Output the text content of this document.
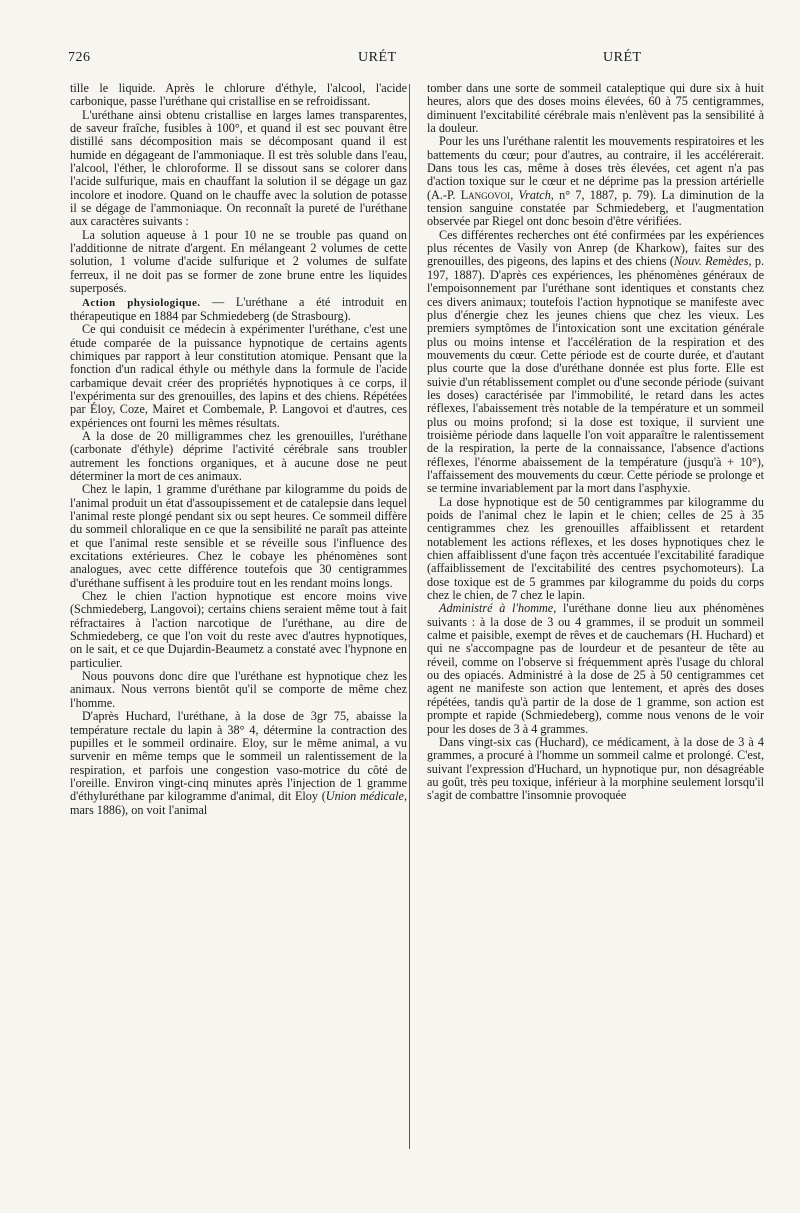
726	URÉT	URÉT

tille le liquide. Après le chlorure d'éthyle, l'alcool, l'acide carbonique, passe l'uréthane qui cristallise en se refroidissant.

L'uréthane ainsi obtenu cristallise en larges lames transparentes, de saveur fraîche, fusibles à 100°, et quand il est sec pouvant être distillé sans décomposition mais se décomposant quand il est humide en dégageant de l'ammoniaque. Il est très soluble dans l'eau, l'alcool, l'éther, le chloroforme. Il se dissout sans se colorer dans l'acide sulfurique, mais en chauffant la solution il se dégage un gaz incolore et inodore. Quand on le chauffe avec la solution de potasse il se dégage de l'ammoniaque. On reconnaît la pureté de l'uréthane aux caractères suivants :

La solution aqueuse à 1 pour 10 ne se trouble pas quand on l'additionne de nitrate d'argent. En mélangeant 2 volumes de cette solution, 1 volume d'acide sulfurique et 2 volumes de sulfate ferreux, il ne doit pas se former de zone brune entre les liquides superposés.

Action physiologique. — L'uréthane a été introduit en thérapeutique en 1884 par Schmiedeberg (de Strasbourg).

Ce qui conduisit ce médecin à expérimenter l'uréthane, c'est une étude comparée de la puissance hypnotique de certains agents chimiques par rapport à leur constitution atomique. Pensant que la fonction d'un radical éthyle ou méthyle dans la formule de l'acide carbamique devait créer des propriétés hypnotiques à ce corps, il l'expérimenta sur des grenouilles, des lapins et des chiens. Répétées par Éloy, Coze, Mairet et Combemale, P. Langovoi et d'autres, ces expériences ont fourni les mêmes résultats.

A la dose de 20 milligrammes chez les grenouilles, l'uréthane (carbonate d'éthyle) déprime l'activité cérébrale sans troubler autrement les fonctions organiques, et à aucune dose ne peut déterminer la mort de ces animaux.

Chez le lapin, 1 gramme d'uréthane par kilogramme du poids de l'animal produit un état d'assoupissement et de catalepsie dans lequel l'animal reste plongé pendant six ou sept heures. Ce sommeil diffère du sommeil chloralique en ce que la sensibilité ne paraît pas atteinte et que l'animal reste sensible et se réveille sous l'influence des excitations extérieures. Chez le cobaye les phénomènes sont analogues, avec cette différence toutefois que 30 centigrammes d'uréthane suffisent à les produire tout en les rendant moins longs.

Chez le chien l'action hypnotique est encore moins vive (Schmiedeberg, Langovoi); certains chiens seraient même tout à fait réfractaires à l'action narcotique de l'uréthane, au dire de Schmiedeberg, ce que l'on voit du reste avec d'autres hypnotiques, on le sait, et ce que Dujardin-Beaumetz a constaté avec l'hypnone en particulier.

Nous pouvons donc dire que l'uréthane est hypnotique chez les animaux. Nous verrons bientôt qu'il se comporte de même chez l'homme.

D'après Huchard, l'uréthane, à la dose de 3gr 75, abaisse la température rectale du lapin à 38° 4, détermine la contraction des pupilles et le sommeil ordinaire. Eloy, sur le même animal, a vu survenir en même temps que le sommeil un ralentissement de la respiration, et parfois une congestion vaso-motrice du côté de l'oreille. Environ vingt-cinq minutes après l'injection de 1 gramme d'éthyluréthane par kilogramme d'animal, dit Eloy (Union médicale, mars 1886), on voit l'animal

tomber dans une sorte de sommeil cataleptique qui dure six à huit heures, alors que des doses moins élevées, 60 à 75 centigrammes, diminuent l'excitabilité cérébrale mais n'enlèvent pas la sensibilité à la douleur.

Pour les uns l'uréthane ralentit les mouvements respiratoires et les battements du cœur; pour d'autres, au contraire, il les accélérerait. Dans tous les cas, même à doses très élevées, cet agent n'a pas d'action toxique sur le cœur et ne déprime pas la pression artérielle (A.-P. Langovoi, Vratch, n° 7, 1887, p. 79). La diminution de la tension sanguine constatée par Schmiedeberg, et l'augmentation observée par Riegel ont donc besoin d'être vérifiées.

Ces différentes recherches ont été confirmées par les expériences plus récentes de Vasily von Anrep (de Kharkow), faites sur des grenouilles, des pigeons, des lapins et des chiens (Nouv. Remèdes, p. 197, 1887). D'après ces expériences, les phénomènes généraux de l'empoisonnement par l'uréthane sont identiques et constants chez ces divers animaux; toutefois l'action hypnotique se manifeste avec plus d'énergie chez les jeunes chiens que chez les vieux. Les premiers symptômes de l'intoxication sont une excitation générale plus ou moins intense et l'accélération de la respiration et des mouvements du cœur. Cette période est de courte durée, et d'autant plus courte que la dose d'uréthane donnée est plus forte. Elle est suivie d'un rétablissement complet ou d'une seconde période (suivant les doses) caractérisée par l'immobilité, le retard dans les actes réflexes, l'abaissement très notable de la température et un sommeil plus ou moins profond; si la dose est toxique, il survient une troisième période dans laquelle l'on voit apparaître le ralentissement de la respiration, la perte de la connaissance, l'absence d'actions réflexes, l'énorme abaissement de la température (jusqu'à + 10°), l'affaissement des mouvements du cœur. Cette période se prolonge et se termine invariablement par la mort dans l'asphyxie.

La dose hypnotique est de 50 centigrammes par kilogramme du poids de l'animal chez le lapin et le chien; celles de 25 à 35 centigrammes chez les grenouilles affaiblissent et retardent notablement les actions réflexes, et les doses hypnotiques chez le chien affaiblissent d'une façon très accentuée l'excitabilité faradique (affaiblissement de l'excitabilité des centres psychomoteurs). La dose toxique est de 5 grammes par kilogramme du poids du corps chez le chien, de 7 chez le lapin.

Administré à l'homme, l'uréthane donne lieu aux phénomènes suivants : à la dose de 3 ou 4 grammes, il se produit un sommeil calme et paisible, exempt de rêves et de cauchemars (H. Huchard) et qui ne s'accompagne pas de lourdeur et de pesanteur de tête au réveil, comme on l'observe si fréquemment après l'usage du chloral ou des opiacés. Administré à la dose de 25 à 50 centigrammes cet agent ne manifeste son action que lentement, et après des doses répétées, tandis qu'à partir de la dose de 1 gramme, son action est prompte et rapide (Schmiedeberg), comme nous venons de le voir pour les doses de 3 à 4 grammes.

Dans vingt-six cas (Huchard), ce médicament, à la dose de 3 à 4 grammes, a procuré à l'homme un sommeil calme et prolongé. C'est, suivant l'expression d'Huchard, un hypnotique pur, non désagréable au goût, très peu toxique, inférieur à la morphine seulement lorsqu'il s'agit de combattre l'insomnie provoquée
